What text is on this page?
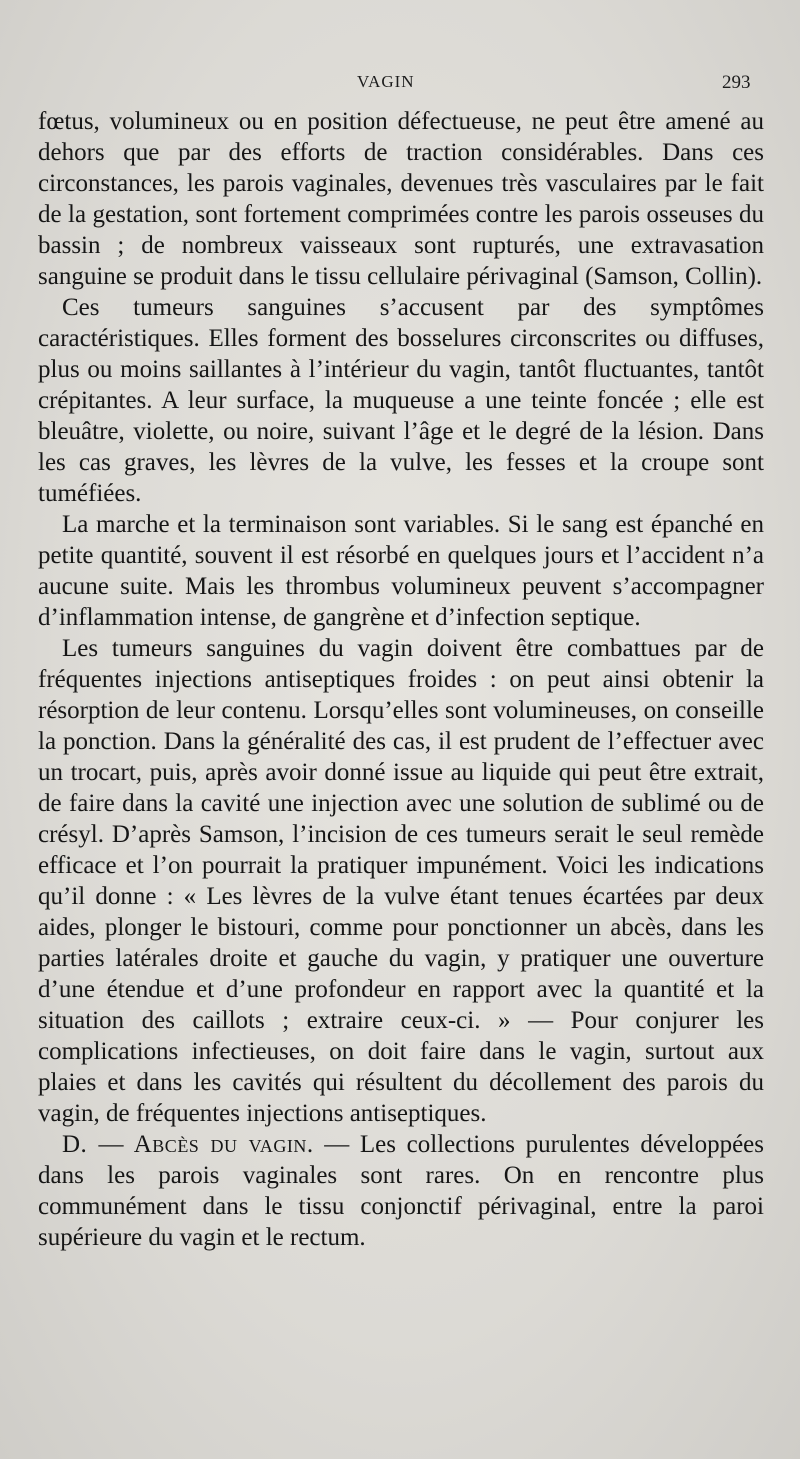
VAGIN	293

fœtus, volumineux ou en position défectueuse, ne peut être amené au dehors que par des efforts de traction considérables. Dans ces circonstances, les parois vaginales, devenues très vasculaires par le fait de la gestation, sont fortement comprimées contre les parois osseuses du bassin ; de nombreux vaisseaux sont rupturés, une extravasation sanguine se produit dans le tissu cellulaire périvaginal (Samson, Collin).

Ces tumeurs sanguines s’accusent par des symptômes caractéristiques. Elles forment des bosselures circonscrites ou diffuses, plus ou moins saillantes à l’intérieur du vagin, tantôt fluctuantes, tantôt crépitantes. A leur surface, la muqueuse a une teinte foncée ; elle est bleuâtre, violette, ou noire, suivant l’âge et le degré de la lésion. Dans les cas graves, les lèvres de la vulve, les fesses et la croupe sont tuméfiées.

La marche et la terminaison sont variables. Si le sang est épanché en petite quantité, souvent il est résorbé en quelques jours et l’accident n’a aucune suite. Mais les thrombus volumineux peuvent s’accompagner d’inflammation intense, de gangrène et d’infection septique.

Les tumeurs sanguines du vagin doivent être combattues par de fréquentes injections antiseptiques froides : on peut ainsi obtenir la résorption de leur contenu. Lorsqu’elles sont volumineuses, on conseille la ponction. Dans la généralité des cas, il est prudent de l’effectuer avec un trocart, puis, après avoir donné issue au liquide qui peut être extrait, de faire dans la cavité une injection avec une solution de sublimé ou de crésyl. D’après Samson, l’incision de ces tumeurs serait le seul remède efficace et l’on pourrait la pratiquer impunément. Voici les indications qu’il donne : « Les lèvres de la vulve étant tenues écartées par deux aides, plonger le bistouri, comme pour ponctionner un abcès, dans les parties latérales droite et gauche du vagin, y pratiquer une ouverture d’une étendue et d’une profondeur en rapport avec la quantité et la situation des caillots ; extraire ceux-ci. » — Pour conjurer les complications infectieuses, on doit faire dans le vagin, surtout aux plaies et dans les cavités qui résultent du décollement des parois du vagin, de fréquentes injections antiseptiques.

D. — Abcès du vagin. — Les collections purulentes développées dans les parois vaginales sont rares. On en rencontre plus communément dans le tissu conjonctif périvaginal, entre la paroi supérieure du vagin et le rectum.
